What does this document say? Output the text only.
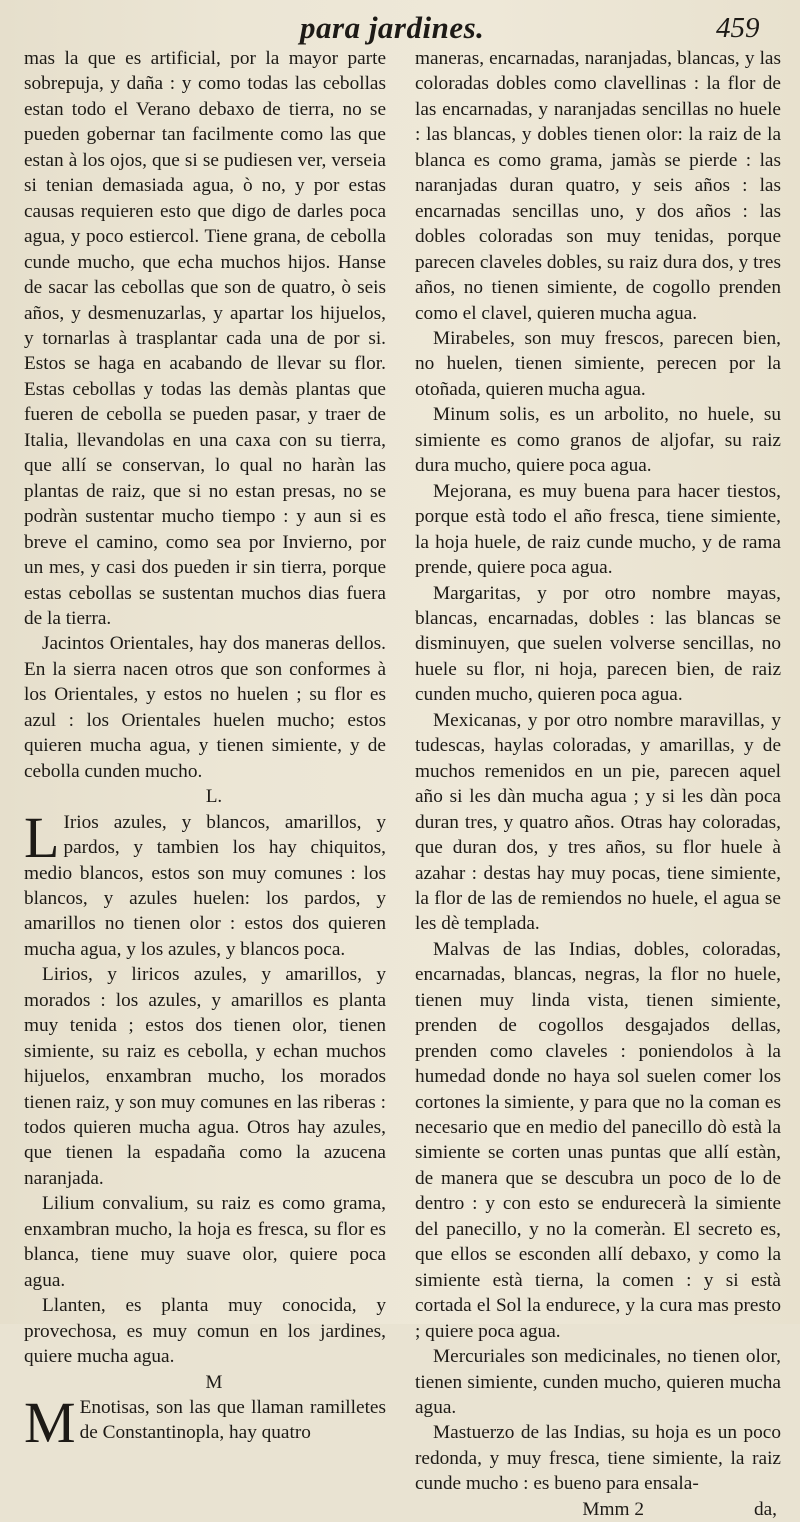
para jardines.	459

mas la que es artificial, por la mayor parte sobrepuja, y daña : y como todas las cebollas estan todo el Verano debaxo de tierra, no se pueden gobernar tan facilmente como las que estan à los ojos, que si se pudiesen ver, verseia si tenian demasiada agua, ò no, y por estas causas requieren esto que digo de darles poca agua, y poco estiercol. Tiene grana, de cebolla cunde mucho, que echa muchos hijos. Hanse de sacar las cebollas que son de quatro, ò seis años, y desmenuzarlas, y apartar los hijuelos, y tornarlas à trasplantar cada una de por si. Estos se haga en acabando de llevar su flor. Estas cebollas y todas las demàs plantas que fueren de cebolla se pueden pasar, y traer de Italia, llevandolas en una caxa con su tierra, que allí se conservan, lo qual no haràn las plantas de raiz, que si no estan presas, no se podràn sustentar mucho tiempo : y aun si es breve el camino, como sea por Invierno, por un mes, y casi dos pueden ir sin tierra, porque estas cebollas se sustentan muchos dias fuera de la tierra.

Jacintos Orientales, hay dos maneras dellos. En la sierra nacen otros que son conformes à los Orientales, y estos no huelen ; su flor es azul : los Orientales huelen mucho; estos quieren mucha agua, y tienen simiente, y de cebolla cunden mucho.

L.

L Irios azules, y blancos, amarillos, y pardos, y tambien los hay chiquitos, medio blancos, estos son muy comunes : los blancos, y azules huelen: los pardos, y amarillos no tienen olor : estos dos quieren mucha agua, y los azules, y blancos poca.

Lirios, y liricos azules, y amarillos, y morados : los azules, y amarillos es planta muy tenida ; estos dos tienen olor, tienen simiente, su raiz es cebolla, y echan muchos hijuelos, enxambran mucho, los morados tienen raiz, y son muy comunes en las riberas : todos quieren mucha agua. Otros hay azules, que tienen la espadaña como la azucena naranjada.

Lilium convalium, su raiz es como grama, enxambran mucho, la hoja es fresca, su flor es blanca, tiene muy suave olor, quiere poca agua.

Llanten, es planta muy conocida, y provechosa, es muy comun en los jardines, quiere mucha agua.

M

M Enotisas, son las que llaman ramilletes de Constantinopla, hay quatro

maneras, encarnadas, naranjadas, blancas, y las coloradas dobles como clavellinas : la flor de las encarnadas, y naranjadas sencillas no huele : las blancas, y dobles tienen olor: la raiz de la blanca es como grama, jamàs se pierde : las naranjadas duran quatro, y seis años : las encarnadas sencillas uno, y dos años : las dobles coloradas son muy tenidas, porque parecen claveles dobles, su raiz dura dos, y tres años, no tienen simiente, de cogollo prenden como el clavel, quieren mucha agua.

Mirabeles, son muy frescos, parecen bien, no huelen, tienen simiente, perecen por la otoñada, quieren mucha agua.

Minum solis, es un arbolito, no huele, su simiente es como granos de aljofar, su raiz dura mucho, quiere poca agua.

Mejorana, es muy buena para hacer tiestos, porque està todo el año fresca, tiene simiente, la hoja huele, de raiz cunde mucho, y de rama prende, quiere poca agua.

Margaritas, y por otro nombre mayas, blancas, encarnadas, dobles : las blancas se disminuyen, que suelen volverse sencillas, no huele su flor, ni hoja, parecen bien, de raiz cunden mucho, quieren poca agua.

Mexicanas, y por otro nombre maravillas, y tudescas, haylas coloradas, y amarillas, y de muchos remenidos en un pie, parecen aquel año si les dàn mucha agua ; y si les dàn poca duran tres, y quatro años. Otras hay coloradas, que duran dos, y tres años, su flor huele à azahar : destas hay muy pocas, tiene simiente, la flor de las de remiendos no huele, el agua se les dè templada.

Malvas de las Indias, dobles, coloradas, encarnadas, blancas, negras, la flor no huele, tienen muy linda vista, tienen simiente, prenden de cogollos desgajados dellas, prenden como claveles : poniendolos à la humedad donde no haya sol suelen comer los cortones la simiente, y para que no la coman es necesario que en medio del panecillo dò està la simiente se corten unas puntas que allí estàn, de manera que se descubra un poco de lo de dentro : y con esto se endurecerà la simiente del panecillo, y no la comeràn. El secreto es, que ellos se esconden allí debaxo, y como la simiente està tierna, la comen : y si està cortada el Sol la endurece, y la cura mas presto ; quiere poca agua.

Mercuriales son medicinales, no tienen olor, tienen simiente, cunden mucho, quieren mucha agua.

Mastuerzo de las Indias, su hoja es un poco redonda, y muy fresca, tiene simiente, la raiz cunde mucho : es bueno para ensala-

Mmm 2	da,
